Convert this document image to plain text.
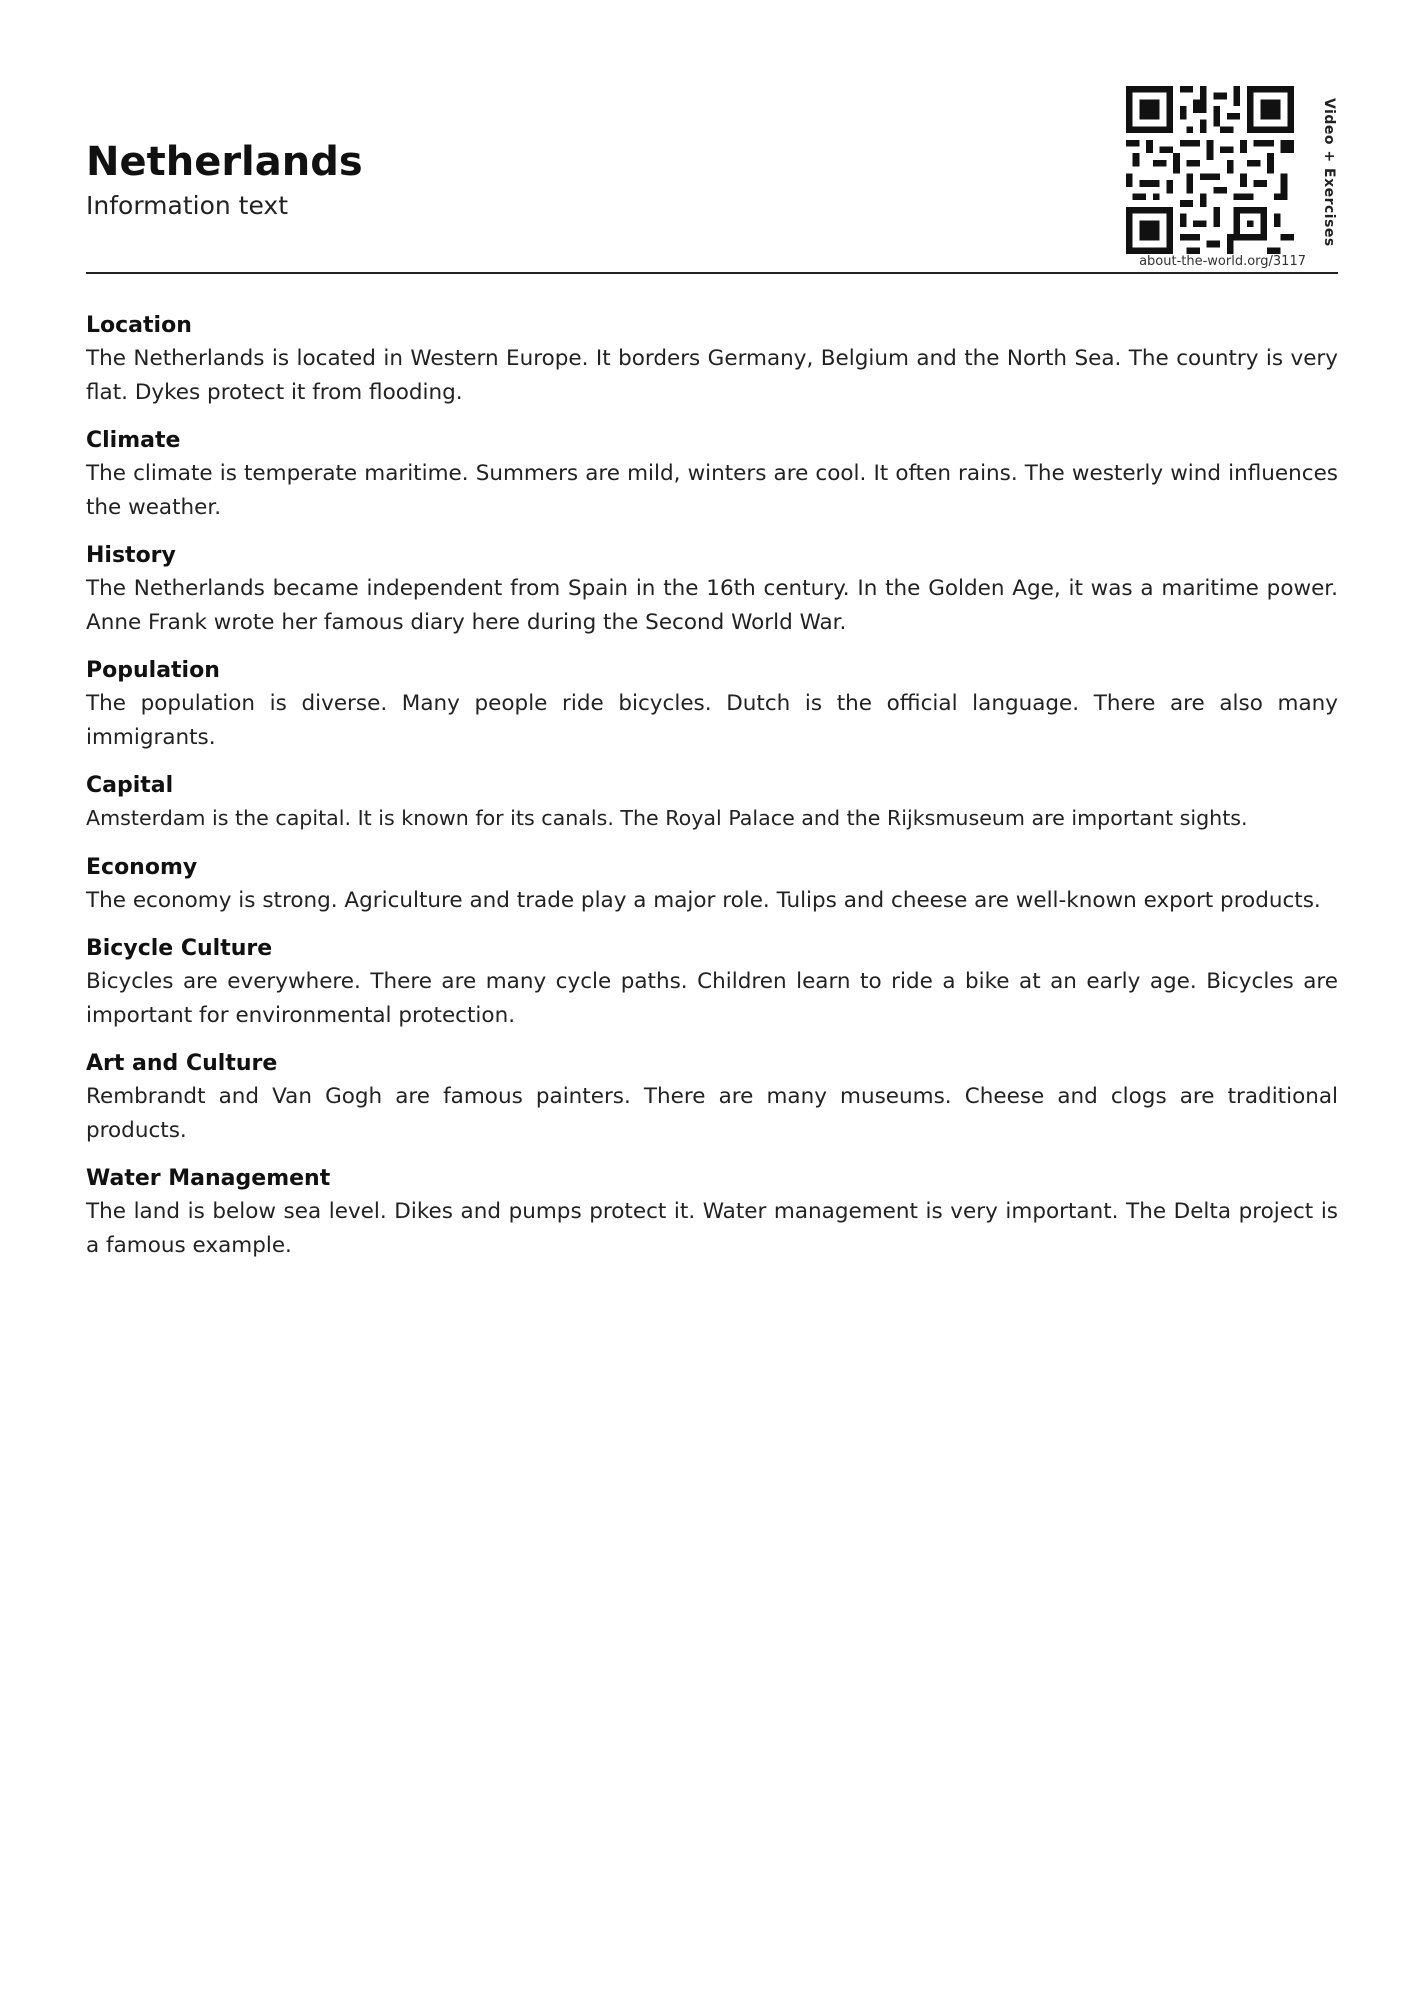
Netherlands
Information text	Video + Exercises
about-the-world.org/3117
Location

The Netherlands is located in Western Europe. It borders Germany, Belgium and the North Sea. The country is very flat. Dykes protect it from flooding.

Climate

The climate is temperate maritime. Summers are mild, winters are cool. It often rains. The westerly wind influences the weather.

History

The Netherlands became independent from Spain in the 16th century. In the Golden Age, it was a maritime power. Anne Frank wrote her famous diary here during the Second World War.

Population

The population is diverse. Many people ride bicycles. Dutch is the official language. There are also many immigrants.

Capital

Amsterdam is the capital. It is known for its canals. The Royal Palace and the Rijksmuseum are important sights.

Economy

The economy is strong. Agriculture and trade play a major role. Tulips and cheese are well-known export products.

Bicycle Culture

Bicycles are everywhere. There are many cycle paths. Children learn to ride a bike at an early age. Bicycles are important for environmental protection.

Art and Culture

Rembrandt and Van Gogh are famous painters. There are many museums. Cheese and clogs are traditional products.

Water Management

The land is below sea level. Dikes and pumps protect it. Water management is very important. The Delta project is a famous example.
